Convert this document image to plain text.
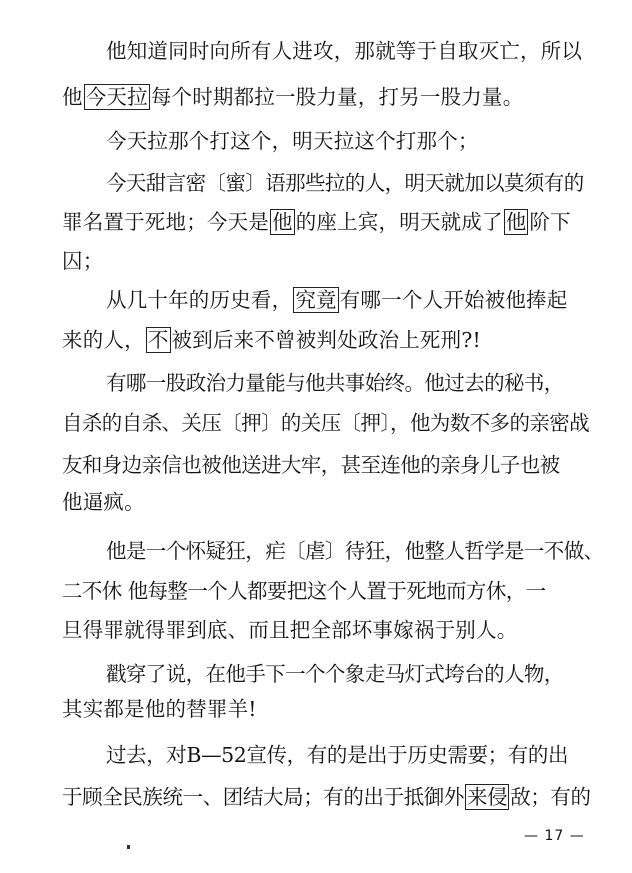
他知道同时向所有人进攻，那就等于自取灭亡，所以
他 今天拉 每个时期都拉一股力量，打另一股力量。
今天拉那个打这个，明天拉这个打那个；
今天甜言密〔蜜〕语那些拉的人，明天就加以莫须有的
罪名置于死地；今天是 他 的座上宾，明天就成了 他 阶下
囚；
从几十年的历史看， 究竟 有哪一个人开始被他捧起
来的人， 不 被到后来不曾被判处政治上死刑?!
有哪一股政治力量能与他共事始终。他过去的秘书，
自杀的自杀、关压〔押〕的关压〔押〕，他为数不多的亲密战
友和身边亲信也被他送进大牢，甚至连他的亲身儿子也被
他逼疯。
他是一个怀疑狂，疟〔虐〕待狂，他整人哲学是一不做、
二不休 他每整一个人都要把这个人置于死地而方休，一
旦得罪就得罪到底、而且把全部坏事嫁祸于别人。
戳穿了说，在他手下一个个象走马灯式垮台的人物，
其实都是他的替罪羊!
过去，对B—52宣传，有的是出于历史需要；有的出
于顾全民族统一、团结大局；有的出于抵御外 来侵 敌；有的
— 17 —
